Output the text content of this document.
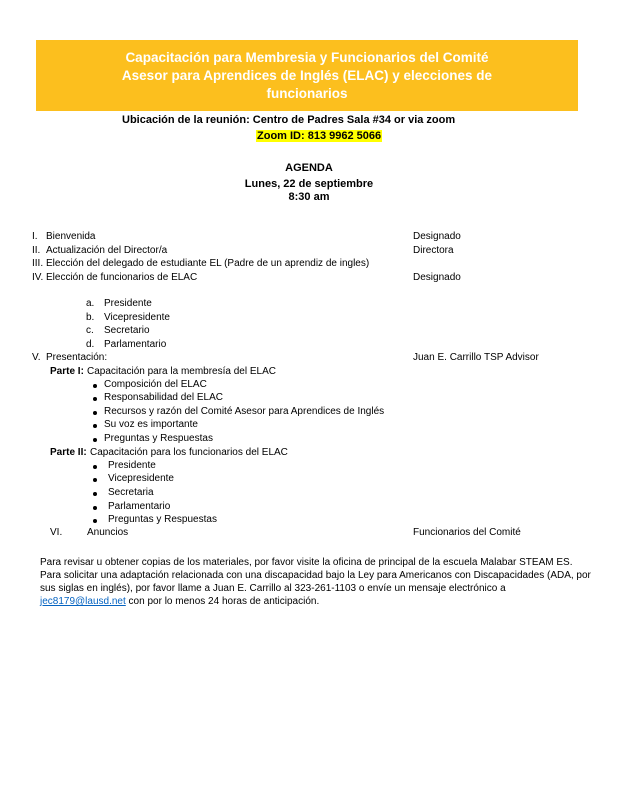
Capacitación para Membresia y Funcionarios del Comité
Asesor para Aprendices de Inglés (ELAC) y elecciones de
funcionarios
Ubicación de la reunión: Centro de Padres Sala #34 or via zoom
Zoom ID: 813 9962 5066
AGENDA
Lunes, 22 de septiembre
8:30 am
I. Bienvenida	Designado
II. Actualización del Director/a	Directora
III. Elección del delegado de estudiante EL (Padre de un aprendiz de ingles)
IV. Elección de funcionarios de ELAC	Designado
a. Presidente
b. Vicepresidente
c. Secretario
d. Parlamentario
V. Presentación:	Juan E. Carrillo TSP Advisor
Parte I: Capacitación para la membresía del ELAC
Composición del ELAC
Responsabilidad del ELAC
Recursos y razón del Comité Asesor para Aprendices de Inglés
Su voz es importante
Preguntas y Respuestas
Parte II: Capacitación para los funcionarios del ELAC
Presidente
Vicepresidente
Secretaria
Parlamentario
Preguntas y Respuestas
VI. Anuncios	Funcionarios del Comité
Para revisar u obtener copias de los materiales, por favor visite la oficina de principal de la escuela Malabar STEAM ES.
Para solicitar una adaptación relacionada con una discapacidad bajo la Ley para Americanos con Discapacidades (ADA, por
sus siglas en inglés), por favor llame a Juan E. Carrillo al 323-261-1103 o envíe un mensaje electrónico a
jec8179@lausd.net con por lo menos 24 horas de anticipación.
